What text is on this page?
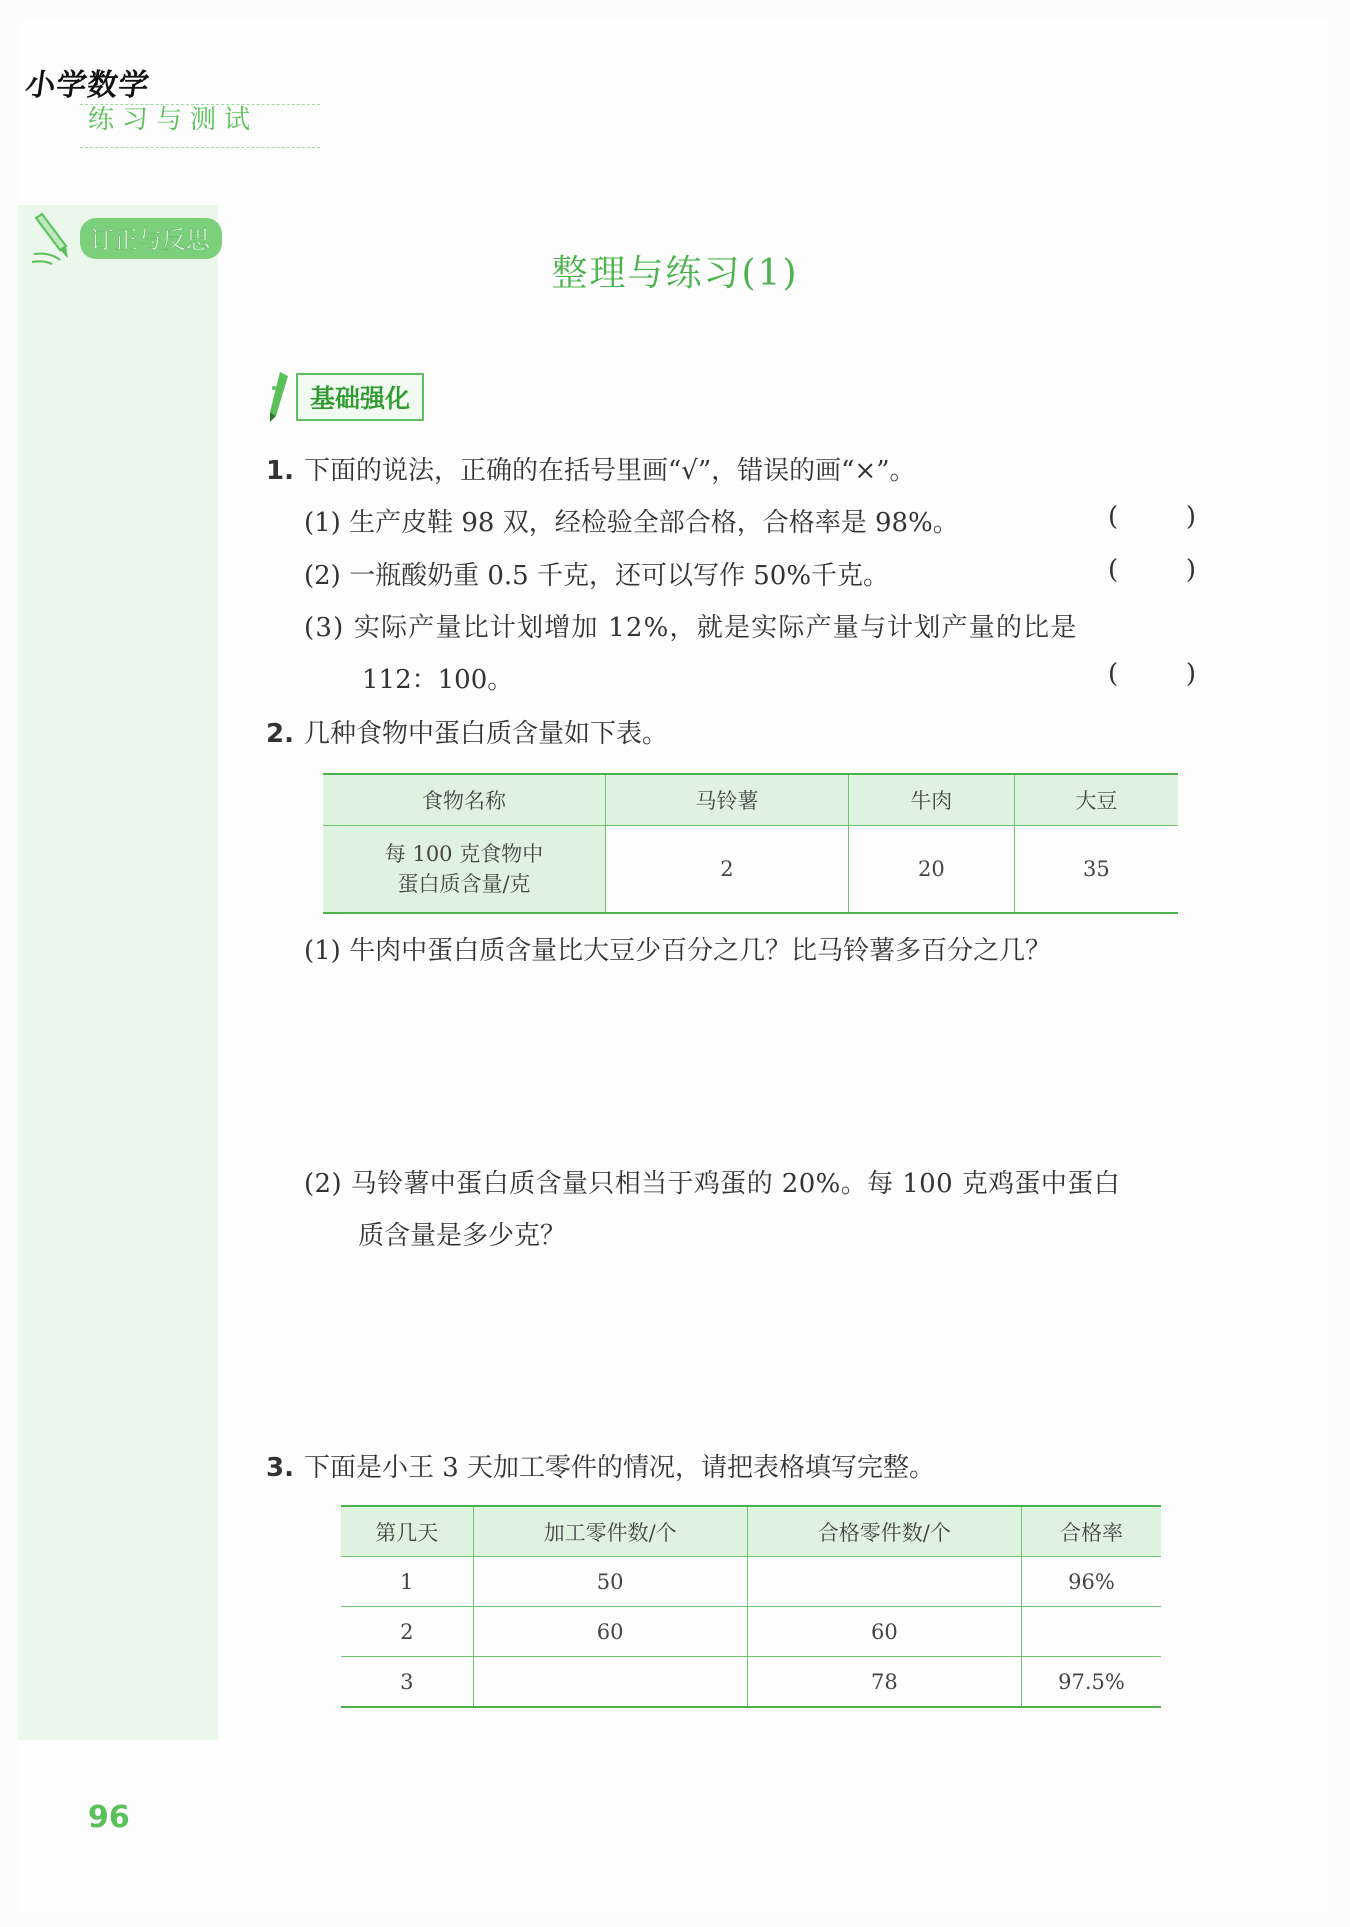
小学数学
练习与测试
订正与反思
整理与练习(1)
基础强化
1. 下面的说法，正确的在括号里画“√”，错误的画“×”。
(1) 生产皮鞋 98 双，经检验全部合格，合格率是 98%。	(	)
(2) 一瓶酸奶重 0.5 千克，还可以写作 50%千克。	(	)
(3) 实际产量比计划增加 12%，就是实际产量与计划产量的比是
112：100。	(	)
2. 几种食物中蛋白质含量如下表。
食物名称	马铃薯	牛肉	大豆
每 100 克食物中
蛋白质含量/克	2	20	35
(1) 牛肉中蛋白质含量比大豆少百分之几？比马铃薯多百分之几？
(2) 马铃薯中蛋白质含量只相当于鸡蛋的 20%。每 100 克鸡蛋中蛋白
质含量是多少克？
3. 下面是小王 3 天加工零件的情况，请把表格填写完整。
第几天	加工零件数/个	合格零件数/个	合格率
1	50		96%
2	60	60	
3		78	97.5%
96
